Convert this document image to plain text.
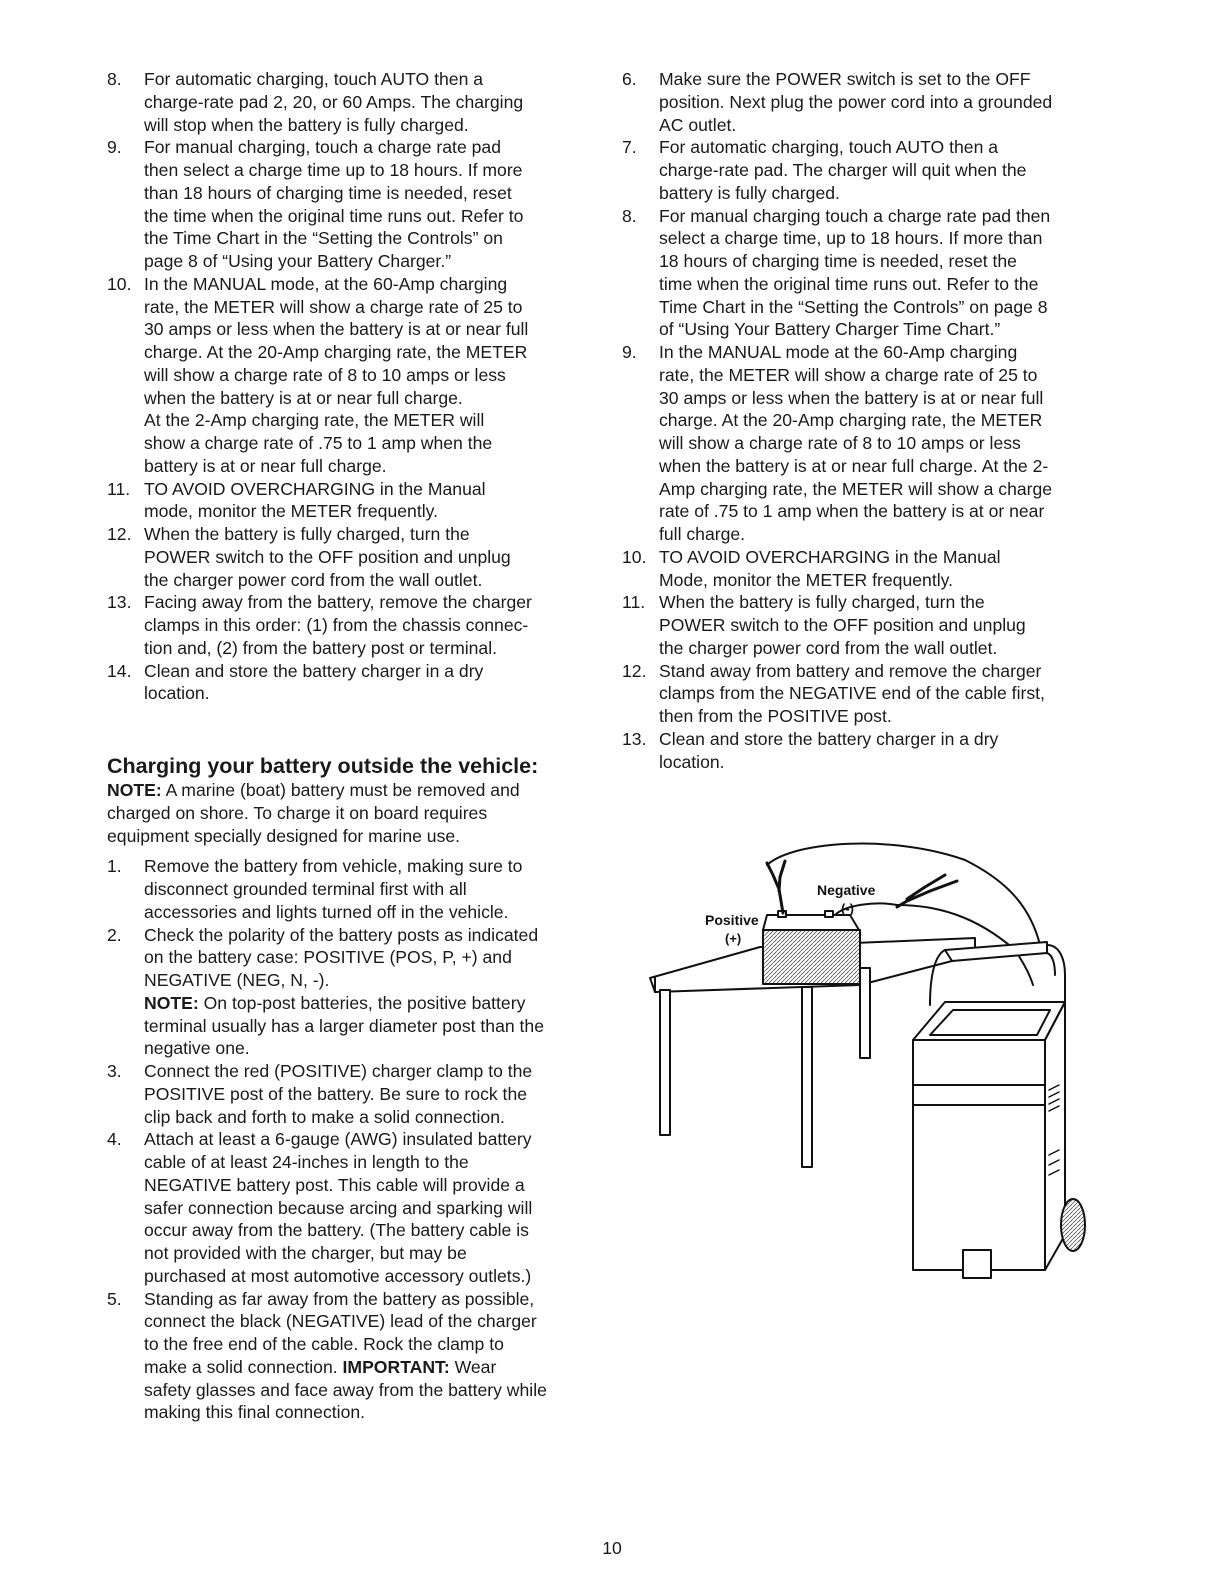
8. For automatic charging, touch AUTO then a
charge-rate pad 2, 20, or 60 Amps. The charging
will stop when the battery is fully charged.
9. For manual charging, touch a charge rate pad
then select a charge time up to 18 hours. If more
than 18 hours of charging time is needed, reset
the time when the original time runs out. Refer to
the Time Chart in the “Setting the Controls” on
page 8 of “Using your Battery Charger.”
10. In the MANUAL mode, at the 60-Amp charging
rate, the METER will show a charge rate of 25 to
30 amps or less when the battery is at or near full
charge. At the 20-Amp charging rate, the METER
will show a charge rate of 8 to 10 amps or less
when the battery is at or near full charge.
At the 2-Amp charging rate, the METER will
show a charge rate of .75 to 1 amp when the
battery is at or near full charge.
11. TO AVOID OVERCHARGING in the Manual
mode, monitor the METER frequently.
12. When the battery is fully charged, turn the
POWER switch to the OFF position and unplug
the charger power cord from the wall outlet.
13. Facing away from the battery, remove the charger
clamps in this order: (1) from the chassis connec-
tion and, (2) from the battery post or terminal.
14. Clean and store the battery charger in a dry
location.
Charging your battery outside the vehicle:

NOTE: A marine (boat) battery must be removed and
charged on shore. To charge it on board requires
equipment specially designed for marine use.

1. Remove the battery from vehicle, making sure to
disconnect grounded terminal first with all
accessories and lights turned off in the vehicle.
2. Check the polarity of the battery posts as indicated
on the battery case: POSITIVE (POS, P, +) and
NEGATIVE (NEG, N, -).
NOTE: On top-post batteries, the positive battery
terminal usually has a larger diameter post than the
negative one.
3. Connect the red (POSITIVE) charger clamp to the
POSITIVE post of the battery. Be sure to rock the
clip back and forth to make a solid connection.
4. Attach at least a 6-gauge (AWG) insulated battery
cable of at least 24-inches in length to the
NEGATIVE battery post. This cable will provide a
safer connection because arcing and sparking will
occur away from the battery. (The battery cable is
not provided with the charger, but may be
purchased at most automotive accessory outlets.)
5. Standing as far away from the battery as possible,
connect the black (NEGATIVE) lead of the charger
to the free end of the cable. Rock the clamp to
make a solid connection. IMPORTANT: Wear
safety glasses and face away from the battery while
making this final connection.
6. Make sure the POWER switch is set to the OFF
position. Next plug the power cord into a grounded
AC outlet.
7. For automatic charging, touch AUTO then a
charge-rate pad. The charger will quit when the
battery is fully charged.
8. For manual charging touch a charge rate pad then
select a charge time, up to 18 hours. If more than
18 hours of charging time is needed, reset the
time when the original time runs out. Refer to the
Time Chart in the “Setting the Controls” on page 8
of “Using Your Battery Charger Time Chart.”
9. In the MANUAL mode at the 60-Amp charging
rate, the METER will show a charge rate of 25 to
30 amps or less when the battery is at or near full
charge. At the 20-Amp charging rate, the METER
will show a charge rate of 8 to 10 amps or less
when the battery is at or near full charge. At the 2-
Amp charging rate, the METER will show a charge
rate of .75 to 1 amp when the battery is at or near
full charge.
10. TO AVOID OVERCHARGING in the Manual
Mode, monitor the METER frequently.
11. When the battery is fully charged, turn the
POWER switch to the OFF position and unplug
the charger power cord from the wall outlet.
12. Stand away from battery and remove the charger
clamps from the NEGATIVE end of the cable first,
then from the POSITIVE post.
13. Clean and store the battery charger in a dry
location.
Negative
(-)
Positive
(+)
10
